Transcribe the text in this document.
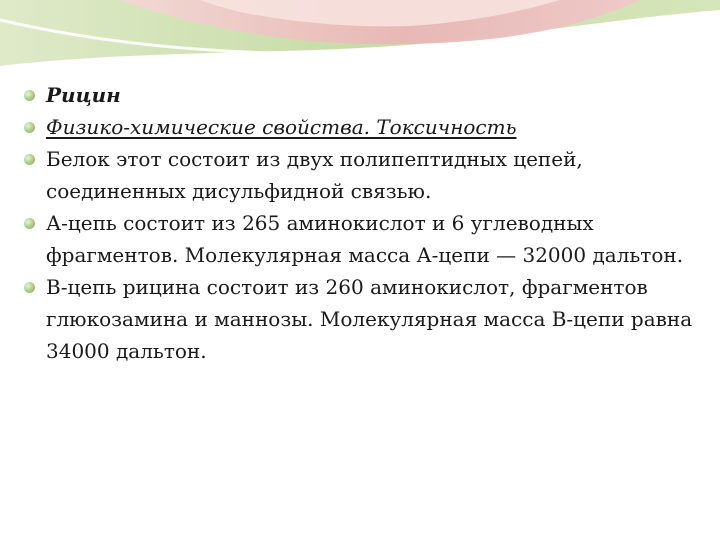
Рицин
Физико-химические свойства. Токсичность
Белок этот состоит из двух полипептидных цепей, соединенных дисульфидной связью.
А-цепь состоит из 265 аминокислот и 6 углеводных фрагментов. Молекулярная масса А-цепи — 32000 дальтон.
В-цепь рицина состоит из 260 аминокислот, фрагментов глюкозамина и маннозы. Молекулярная масса В-цепи равна 34000 дальтон.
